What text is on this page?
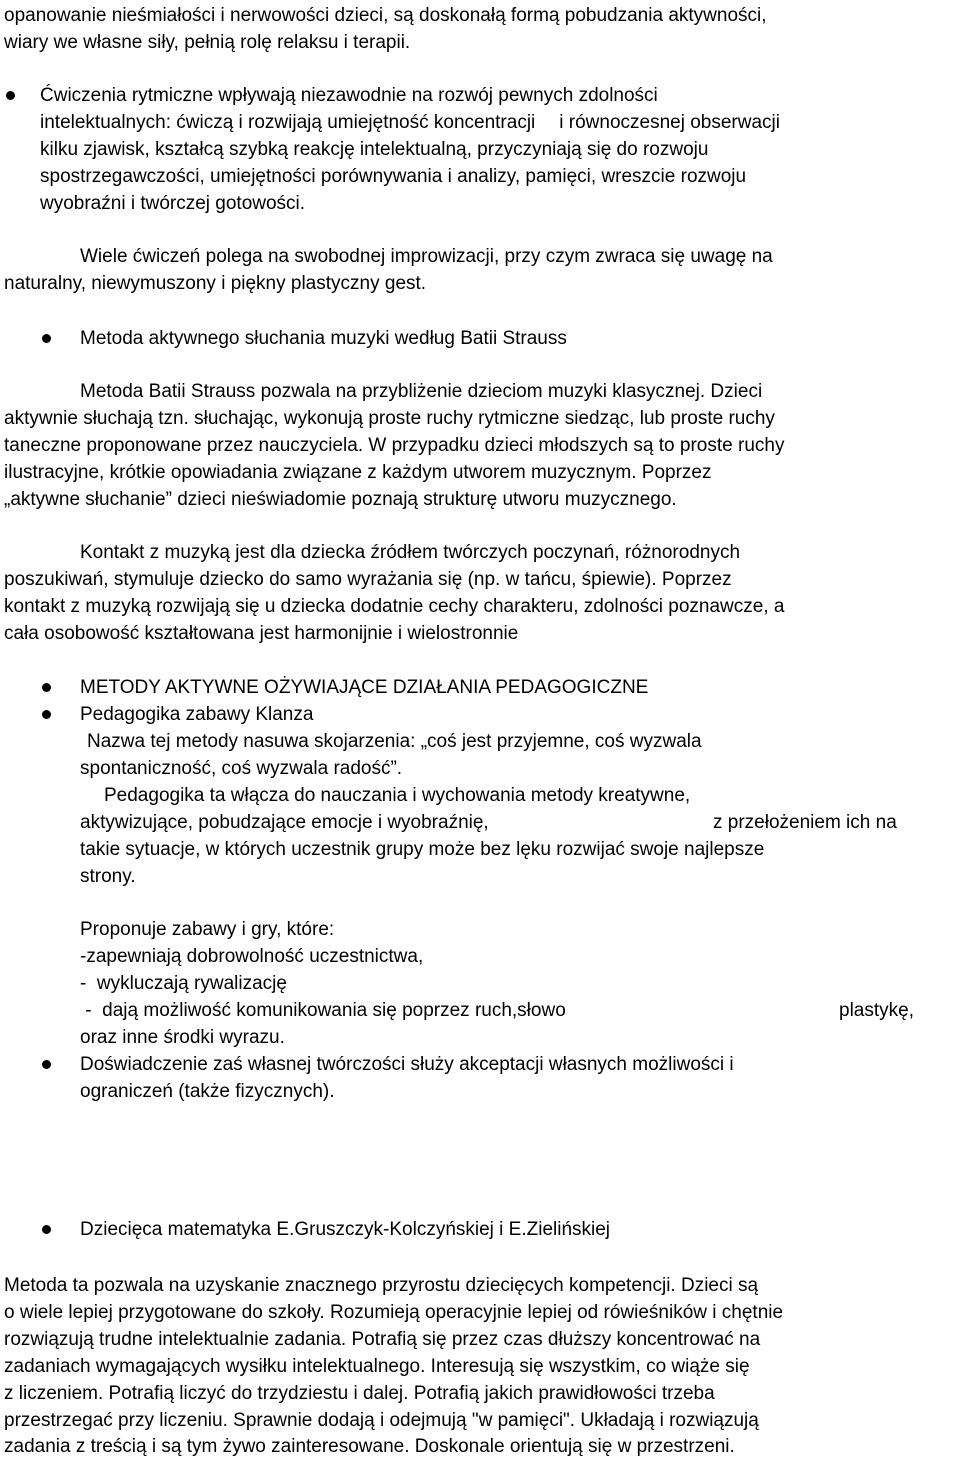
opanowanie nieśmiałości i nerwowości dzieci, są doskonałą formą pobudzania aktywności,

wiary we własne siły, pełnią rolę relaksu i terapii.

Ćwiczenia rytmiczne wpływają niezawodnie na rozwój pewnych zdolności

intelektualnych: ćwiczą i rozwijają umiejętność koncentracji i równoczesnej obserwacji

kilku zjawisk, kształcą szybką reakcję intelektualną, przyczyniają się do rozwoju

spostrzegawczości, umiejętności porównywania i analizy, pamięci, wreszcie rozwoju

wyobraźni i twórczej gotowości.

Wiele ćwiczeń polega na swobodnej improwizacji, przy czym zwraca się uwagę na

naturalny, niewymuszony i piękny plastyczny gest.

Metoda aktywnego słuchania muzyki według Batii Strauss

Metoda Batii Strauss pozwala na przybliżenie dzieciom muzyki klasycznej. Dzieci

aktywnie słuchają tzn. słuchając, wykonują proste ruchy rytmiczne siedząc, lub proste ruchy

taneczne proponowane przez nauczyciela. W przypadku dzieci młodszych są to proste ruchy

ilustracyjne, krótkie opowiadania związane z każdym utworem muzycznym. Poprzez

„aktywne słuchanie” dzieci nieświadomie poznają strukturę utworu muzycznego.

Kontakt z muzyką jest dla dziecka źródłem twórczych poczynań, różnorodnych

poszukiwań, stymuluje dziecko do samo wyrażania się (np. w tańcu, śpiewie). Poprzez

kontakt z muzyką rozwijają się u dziecka dodatnie cechy charakteru, zdolności poznawcze, a

cała osobowość kształtowana jest harmonijnie i wielostronnie

METODY AKTYWNE OŻYWIAJĄCE DZIAŁANIA PEDAGOGICZNE

Pedagogika zabawy Klanza

Nazwa tej metody nasuwa skojarzenia: „coś jest przyjemne, coś wyzwala

spontaniczność, coś wyzwala radość”.

Pedagogika ta włącza do nauczania i wychowania metody kreatywne,

aktywizujące, pobudzające emocje i wyobraźnię,	z przełożeniem ich na

takie sytuacje, w których uczestnik grupy może bez lęku rozwijać swoje najlepsze

strony.

Proponuje zabawy i gry, które:

-zapewniają dobrowolność uczestnictwa,

-  wykluczają rywalizację

-  dają możliwość komunikowania się poprzez ruch,słowo	plastykę,

oraz inne środki wyrazu.

Doświadczenie zaś własnej twórczości służy akceptacji własnych możliwości i

ograniczeń (także fizycznych).

Dziecięca matematyka E.Gruszczyk-Kolczyńskiej i E.Zielińskiej

Metoda ta pozwala na uzyskanie znacznego przyrostu dziecięcych kompetencji. Dzieci są

o wiele lepiej przygotowane do szkoły. Rozumieją operacyjnie lepiej od rówieśników i chętnie

rozwiązują trudne intelektualnie zadania. Potrafią się przez czas dłuższy koncentrować na

zadaniach wymagających wysiłku intelektualnego. Interesują się wszystkim, co wiąże się

z liczeniem. Potrafią liczyć do trzydziestu i dalej. Potrafią jakich prawidłowości trzeba

przestrzegać przy liczeniu. Sprawnie dodają i odejmują "w pamięci". Układają i rozwiązują

zadania z treścią i są tym żywo zainteresowane. Doskonale orientują się w przestrzeni.
